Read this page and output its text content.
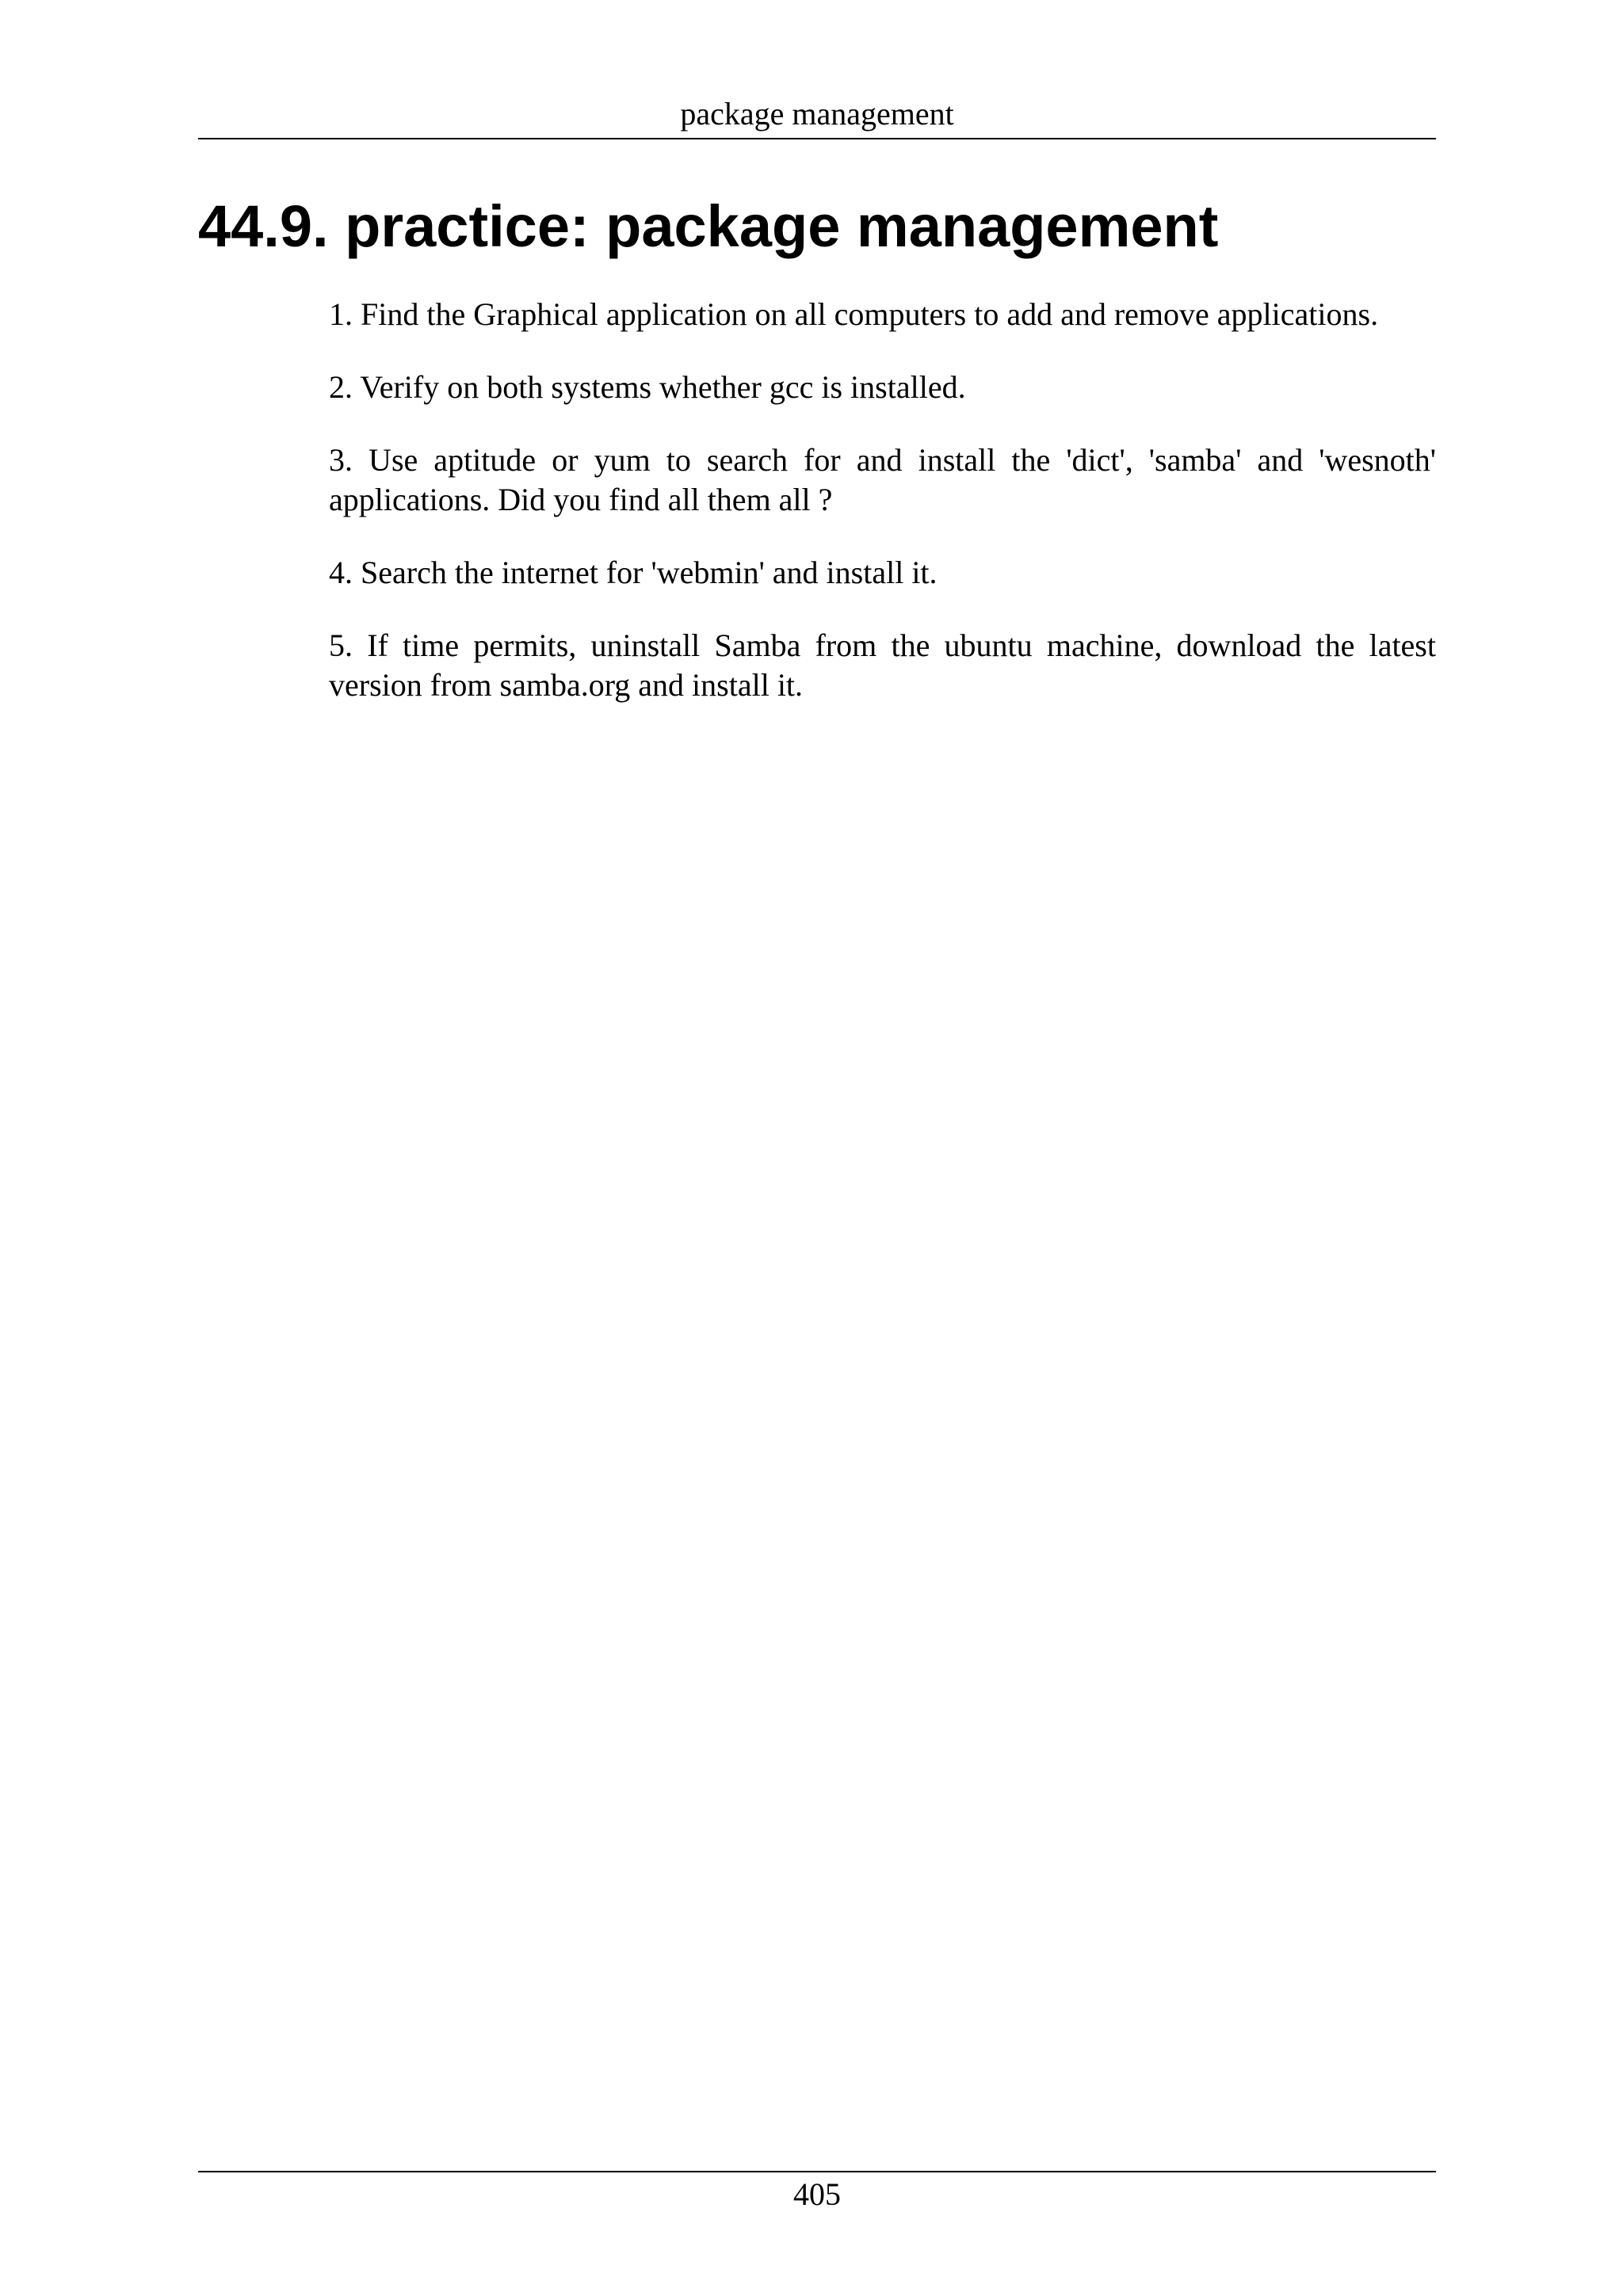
package management
44.9. practice: package management
1. Find the Graphical application on all computers to add and remove applications.
2. Verify on both systems whether gcc is installed.
3. Use aptitude or yum to search for and install the 'dict', 'samba' and 'wesnoth' applications. Did you find all them all ?
4. Search the internet for 'webmin' and install it.
5. If time permits, uninstall Samba from the ubuntu machine, download the latest version from samba.org and install it.
405
